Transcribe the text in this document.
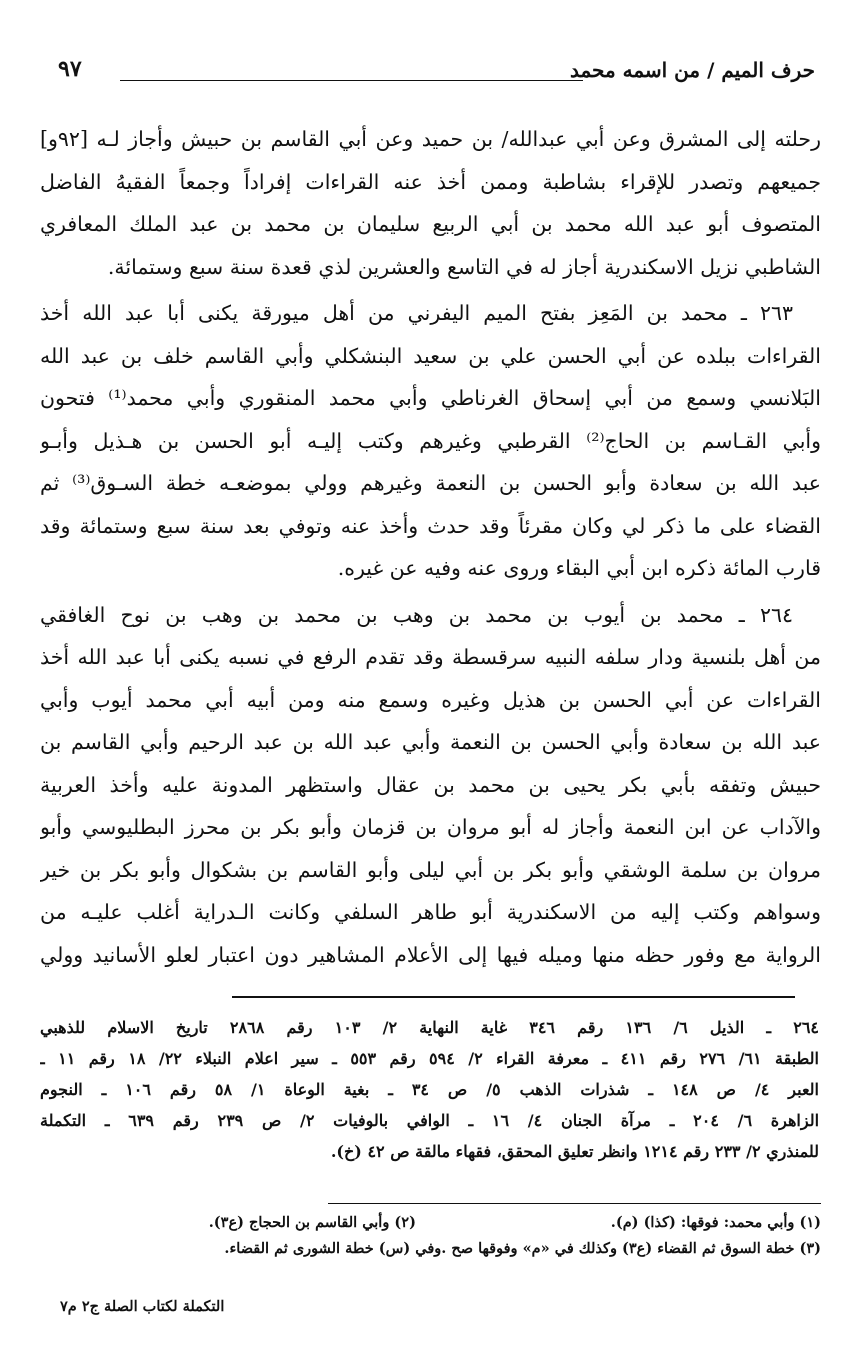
حرف الميم / من اسمه محمد
٩٧
رحلته إلى المشرق وعن أبي عبدالله/ بن حميد وعن أبي القاسم بن حبيش وأجاز لـه [٩٢و]
جميعهم وتصدر للإقراء بشاطبة وممن أخذ عنه القراءات إفراداً وجمعاً الفقيهُ الفاضل
المتصوف أبو عبد الله محمد بن أبي الربيع سليمان بن محمد بن عبد الملك المعافري
الشاطبي نزيل الاسكندرية أجاز له في التاسع والعشرين لذي قعدة سنة سبع وستمائة.
٢٦٣ ـ محمد بن المَعِز بفتح الميم اليفرني من أهل ميورقة يكنى أبا عبد الله أخذ
القراءات ببلده عن أبي الحسن علي بن سعيد البنشكلي وأبي القاسم خلف بن عبد الله
البَلانسي وسمع من أبي إسحاق الغرناطي وأبي محمد المنقوري وأبي محمد⁽¹⁾ فتحون
وأبي القـاسم بن الحاج⁽²⁾ القرطبي وغيرهم وكتب إليـه أبو الحسن بن هـذيل وأبـو
عبد الله بن سعادة وأبو الحسن بن النعمة وغيرهم وولي بموضعـه خطة السـوق⁽³⁾ ثم
القضاء على ما ذكر لي وكان مقرئاً وقد حدث وأخذ عنه وتوفي بعد سنة سبع وستمائة وقد
قارب المائة ذكره ابن أبي البقاء وروى عنه وفيه عن غيره.
٢٦٤ ـ محمد بن أيوب بن محمد بن وهب بن محمد بن وهب بن نوح الغافقي
من أهل بلنسية ودار سلفه النبيه سرقسطة وقد تقدم الرفع في نسبه يكنى أبا عبد الله أخذ
القراءات عن أبي الحسن بن هذيل وغيره وسمع منه ومن أبيه أبي محمد أيوب وأبي
عبد الله بن سعادة وأبي الحسن بن النعمة وأبي عبد الله بن عبد الرحيم وأبي القاسم بن
حبيش وتفقه بأبي بكر يحيى بن محمد بن عقال واستظهر المدونة عليه وأخذ العربية
والآداب عن ابن النعمة وأجاز له أبو مروان بن قزمان وأبو بكر بن محرز البطليوسي وأبو
مروان بن سلمة الوشقي وأبو بكر بن أبي ليلى وأبو القاسم بن بشكوال وأبو بكر بن خير
وسواهم وكتب إليه من الاسكندرية أبو طاهر السلفي وكانت الـدراية أغلب عليـه من
الرواية مع وفور حظه منها وميله فيها إلى الأعلام المشاهير دون اعتبار لعلو الأسانيد وولي
٢٦٤ ـ الذيل ٦/ ١٣٦ رقم ٣٤٦ غاية النهاية ٢/ ١٠٣ رقم ٢٨٦٨ تاريخ الاسلام للذهبي
الطبقة ٦١/ ٢٧٦ رقم ٤١١ ـ معرفة القراء ٢/ ٥٩٤ رقم ٥٥٣ ـ سير اعلام النبلاء ٢٢/ ١٨ رقم ١١ ـ
العبر ٤/ ص ١٤٨ ـ شذرات الذهب ٥/ ص ٣٤ ـ بغية الوعاة ١/ ٥٨ رقم ١٠٦ ـ النجوم
الزاهرة ٦/ ٢٠٤ ـ مرآة الجنان ٤/ ١٦ ـ الوافي بالوفيات ٢/ ص ٢٣٩ رقم ٦٣٩ ـ التكملة
للمنذري ٢/ ٢٣٣ رقم ١٢١٤ وانظر تعليق المحقق، فقهاء مالقة ص ٤٢ (خ).
(١) وأبي محمد: فوقها: (كذا) (م). (٢) وأبي القاسم بن الحجاج (ع٣).
(٣) خطة السوق ثم القضاء (ع٣) وكذلك في «م» وفوقها صح .وفي (س) خطة الشورى ثم القضاء.
التكملة لكتاب الصلة ج٢ م٧
